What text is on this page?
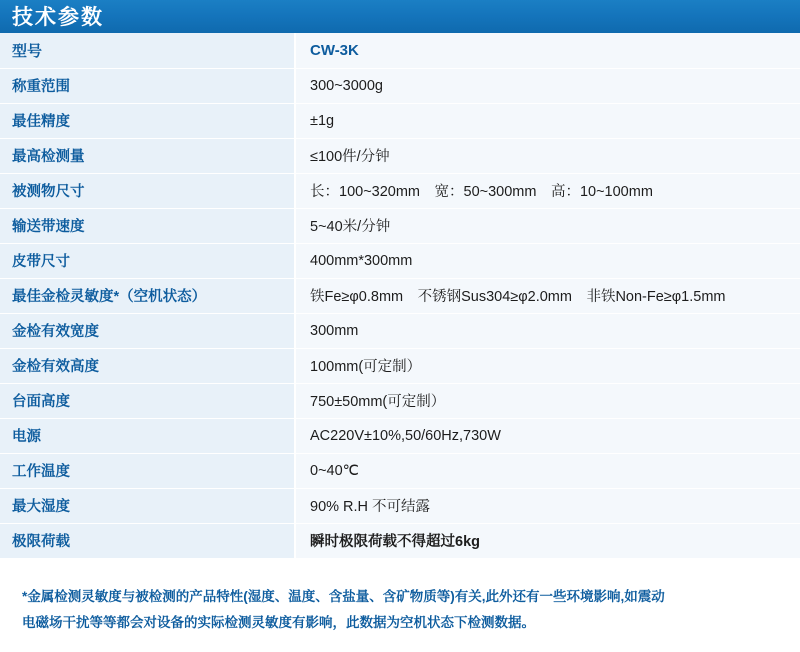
技术参数
型号	CW-3K
称重范围	300~3000g
最佳精度	±1g
最高检测量	≤100件/分钟
被测物尺寸	长：100~320mm　宽：50~300mm　高：10~100mm
输送带速度	5~40米/分钟
皮带尺寸	400mm*300mm
最佳金检灵敏度*（空机状态）	铁Fe≥φ0.8mm　不锈钢Sus304≥φ2.0mm　非铁Non-Fe≥φ1.5mm
金检有效宽度	300mm
金检有效高度	100mm(可定制）
台面高度	750±50mm(可定制）
电源	AC220V±10%,50/60Hz,730W
工作温度	0~40℃
最大湿度	90% R.H 不可结露
极限荷载	瞬时极限荷载不得超过6kg

*金属检测灵敏度与被检测的产品特性(湿度、温度、含盐量、含矿物质等)有关,此外还有一些环境影响,如震动

电磁场干扰等等都会对设备的实际检测灵敏度有影响，此数据为空机状态下检测数据。
